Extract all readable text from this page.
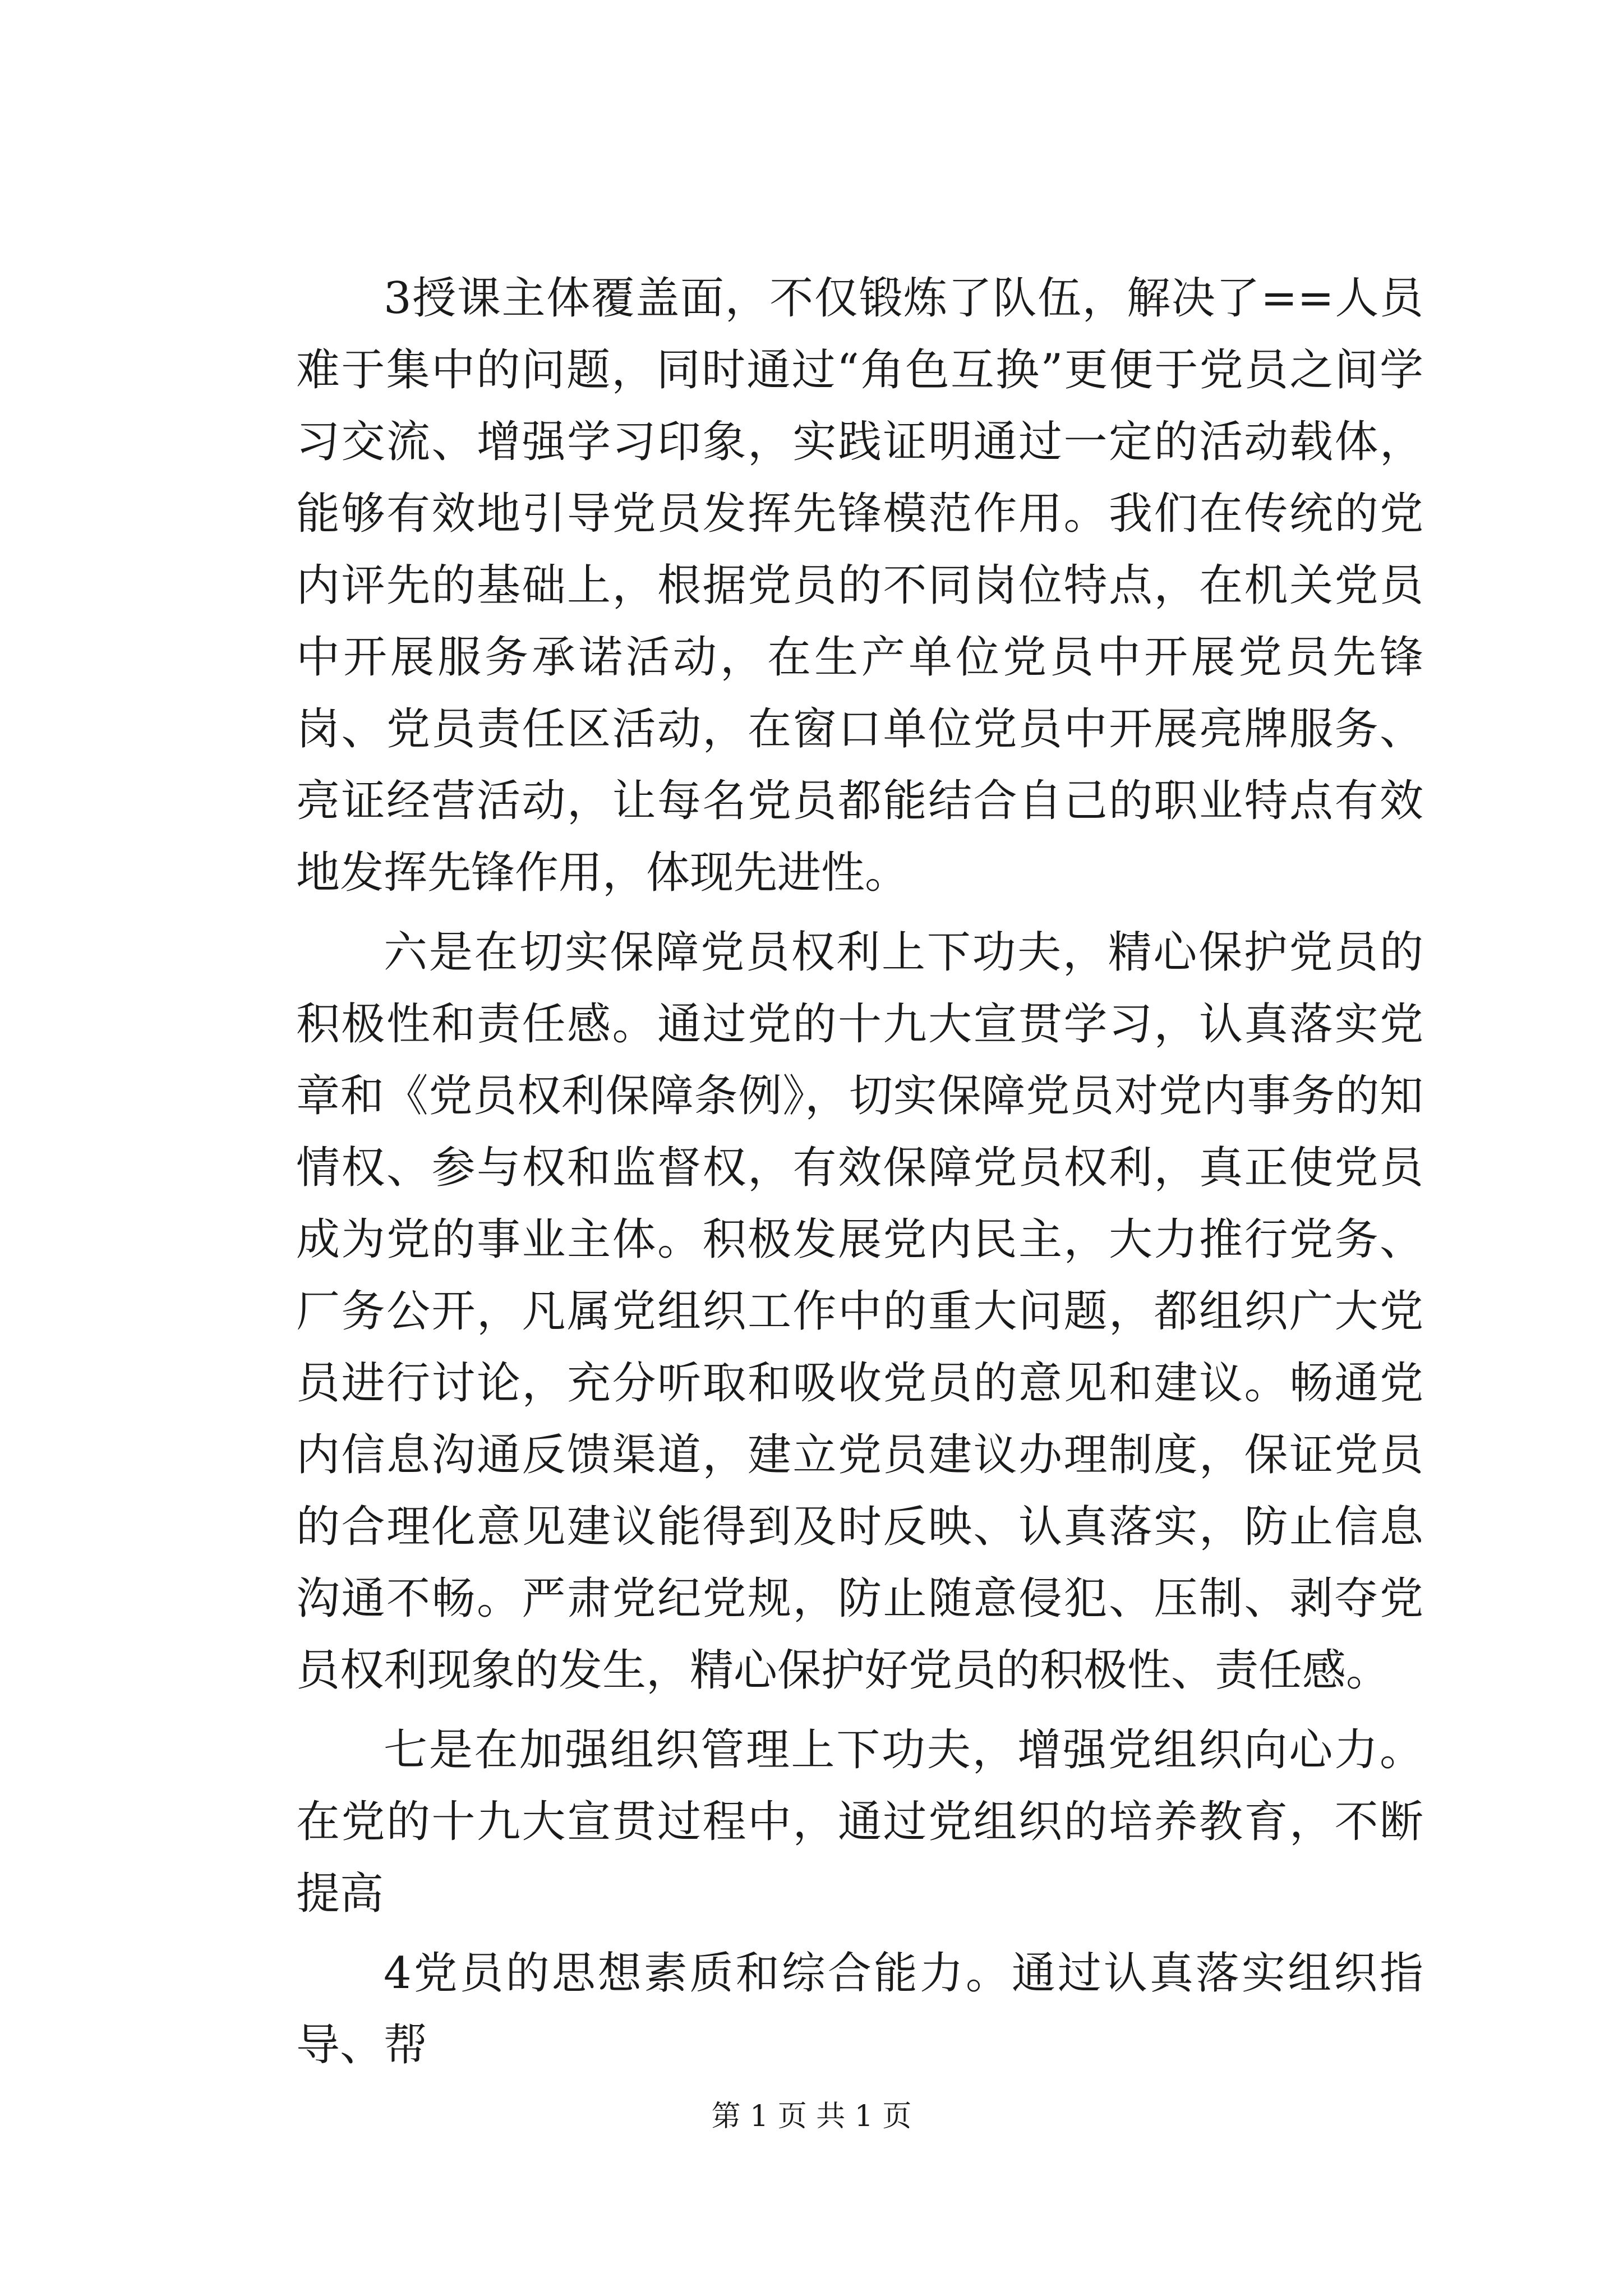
3授课主体覆盖面，不仅锻炼了队伍，解决了==人员难于集中的问题，同时通过“角色互换”更便于党员之间学习交流、增强学习印象，实践证明通过一定的活动载体，能够有效地引导党员发挥先锋模范作用。我们在传统的党内评先的基础上，根据党员的不同岗位特点，在机关党员中开展服务承诺活动，在生产单位党员中开展党员先锋岗、党员责任区活动，在窗口单位党员中开展亮牌服务、亮证经营活动，让每名党员都能结合自己的职业特点有效地发挥先锋作用，体现先进性。

六是在切实保障党员权利上下功夫，精心保护党员的积极性和责任感。通过党的十九大宣贯学习，认真落实党章和《党员权利保障条例》，切实保障党员对党内事务的知情权、参与权和监督权，有效保障党员权利，真正使党员成为党的事业主体。积极发展党内民主，大力推行党务、厂务公开，凡属党组织工作中的重大问题，都组织广大党员进行讨论，充分听取和吸收党员的意见和建议。畅通党内信息沟通反馈渠道，建立党员建议办理制度，保证党员的合理化意见建议能得到及时反映、认真落实，防止信息沟通不畅。严肃党纪党规，防止随意侵犯、压制、剥夺党员权利现象的发生，精心保护好党员的积极性、责任感。

七是在加强组织管理上下功夫，增强党组织向心力。在党的十九大宣贯过程中，通过党组织的培养教育，不断提高

4党员的思想素质和综合能力。通过认真落实组织指导、帮

第 1 页 共 1 页
